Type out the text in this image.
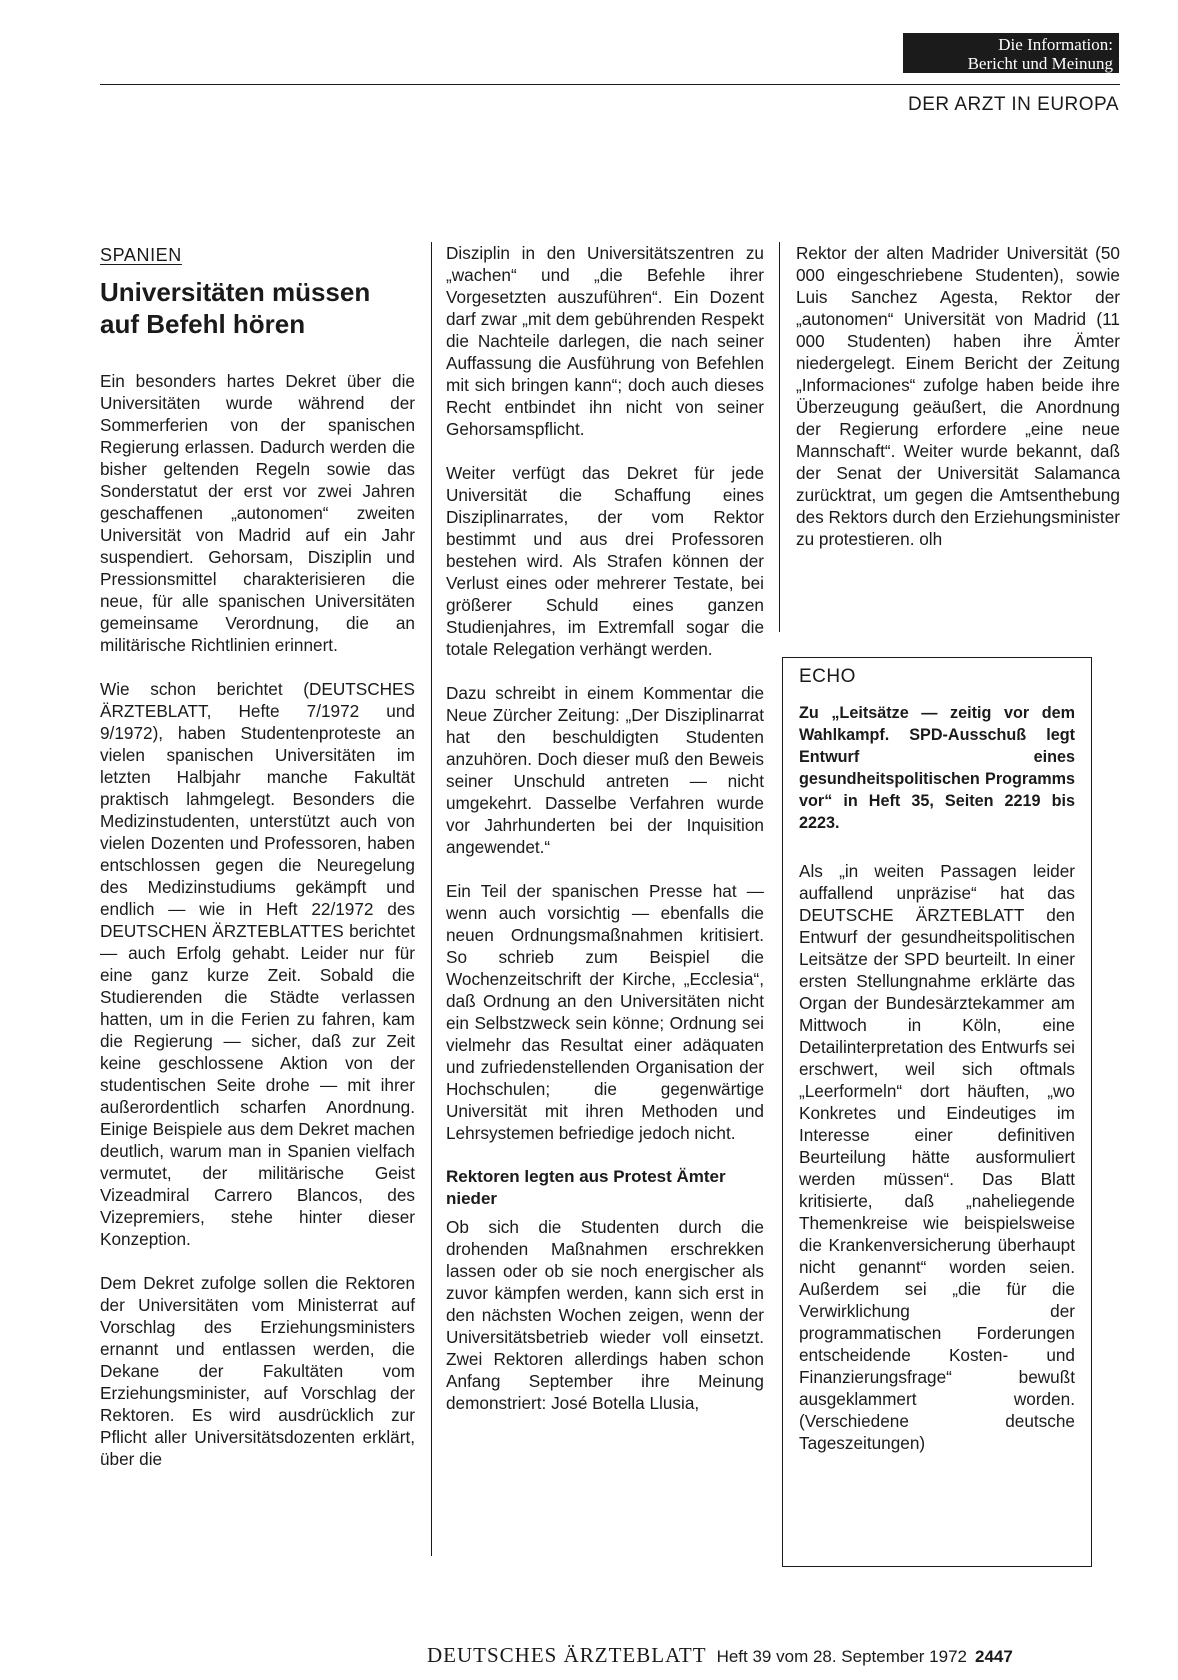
Die Information:
Bericht und Meinung
DER ARZT IN EUROPA
SPANIEN
Universitäten müssen auf Befehl hören

Ein besonders hartes Dekret über die Universitäten wurde während der Sommerferien von der spanischen Regierung erlassen. Dadurch werden die bisher geltenden Regeln sowie das Sonderstatut der erst vor zwei Jahren geschaffenen „autonomen“ zweiten Universität von Madrid auf ein Jahr suspendiert. Gehorsam, Disziplin und Pressionsmittel charakterisieren die neue, für alle spanischen Universitäten gemeinsame Verordnung, die an militärische Richtlinien erinnert.

Wie schon berichtet (DEUTSCHES ÄRZTEBLATT, Hefte 7/1972 und 9/1972), haben Studentenproteste an vielen spanischen Universitäten im letzten Halbjahr manche Fakultät praktisch lahmgelegt. Besonders die Medizinstudenten, unterstützt auch von vielen Dozenten und Professoren, haben entschlossen gegen die Neuregelung des Medizinstudiums gekämpft und endlich — wie in Heft 22/1972 des DEUTSCHEN ÄRZTEBLATTES berichtet — auch Erfolg gehabt. Leider nur für eine ganz kurze Zeit. Sobald die Studierenden die Städte verlassen hatten, um in die Ferien zu fahren, kam die Regierung — sicher, daß zur Zeit keine geschlossene Aktion von der studentischen Seite drohe — mit ihrer außerordentlich scharfen Anordnung. Einige Beispiele aus dem Dekret machen deutlich, warum man in Spanien vielfach vermutet, der militärische Geist Vizeadmiral Carrero Blancos, des Vizepremiers, stehe hinter dieser Konzeption.

Dem Dekret zufolge sollen die Rektoren der Universitäten vom Ministerrat auf Vorschlag des Erziehungsministers ernannt und entlassen werden, die Dekane der Fakultäten vom Erziehungsminister, auf Vorschlag der Rektoren. Es wird ausdrücklich zur Pflicht aller Universitätsdozenten erklärt, über die

Disziplin in den Universitätszentren zu „wachen“ und „die Befehle ihrer Vorgesetzten auszuführen“. Ein Dozent darf zwar „mit dem gebührenden Respekt die Nachteile darlegen, die nach seiner Auffassung die Ausführung von Befehlen mit sich bringen kann“; doch auch dieses Recht entbindet ihn nicht von seiner Gehorsamspflicht.

Weiter verfügt das Dekret für jede Universität die Schaffung eines Disziplinarrates, der vom Rektor bestimmt und aus drei Professoren bestehen wird. Als Strafen können der Verlust eines oder mehrerer Testate, bei größerer Schuld eines ganzen Studienjahres, im Extremfall sogar die totale Relegation verhängt werden.

Dazu schreibt in einem Kommentar die Neue Zürcher Zeitung: „Der Disziplinarrat hat den beschuldigten Studenten anzuhören. Doch dieser muß den Beweis seiner Unschuld antreten — nicht umgekehrt. Dasselbe Verfahren wurde vor Jahrhunderten bei der Inquisition angewendet.“

Ein Teil der spanischen Presse hat — wenn auch vorsichtig — ebenfalls die neuen Ordnungsmaßnahmen kritisiert. So schrieb zum Beispiel die Wochenzeitschrift der Kirche, „Ecclesia“, daß Ordnung an den Universitäten nicht ein Selbstzweck sein könne; Ordnung sei vielmehr das Resultat einer adäquaten und zufriedenstellenden Organisation der Hochschulen; die gegenwärtige Universität mit ihren Methoden und Lehrsystemen befriedige jedoch nicht.

Rektoren legten aus Protest Ämter nieder

Ob sich die Studenten durch die drohenden Maßnahmen erschrekken lassen oder ob sie noch energischer als zuvor kämpfen werden, kann sich erst in den nächsten Wochen zeigen, wenn der Universitätsbetrieb wieder voll einsetzt. Zwei Rektoren allerdings haben schon Anfang September ihre Meinung demonstriert: José Botella Llusia,

Rektor der alten Madrider Universität (50 000 eingeschriebene Studenten), sowie Luis Sanchez Agesta, Rektor der „autonomen“ Universität von Madrid (11 000 Studenten) haben ihre Ämter niedergelegt. Einem Bericht der Zeitung „Informaciones“ zufolge haben beide ihre Überzeugung geäußert, die Anordnung der Regierung erfordere „eine neue Mannschaft“. Weiter wurde bekannt, daß der Senat der Universität Salamanca zurücktrat, um gegen die Amtsenthebung des Rektors durch den Erziehungsminister zu protestieren. olh

ECHO

Zu „Leitsätze — zeitig vor dem Wahlkampf. SPD-Ausschuß legt Entwurf eines gesundheitspolitischen Programms vor“ in Heft 35, Seiten 2219 bis 2223.

Als „in weiten Passagen leider auffallend unpräzise“ hat das DEUTSCHE ÄRZTEBLATT den Entwurf der gesundheitspolitischen Leitsätze der SPD beurteilt. In einer ersten Stellungnahme erklärte das Organ der Bundesärztekammer am Mittwoch in Köln, eine Detailinterpretation des Entwurfs sei erschwert, weil sich oftmals „Leerformeln“ dort häuften, „wo Konkretes und Eindeutiges im Interesse einer definitiven Beurteilung hätte ausformuliert werden müssen“. Das Blatt kritisierte, daß „naheliegende Themenkreise wie beispielsweise die Krankenversicherung überhaupt nicht genannt“ worden seien. Außerdem sei „die für die Verwirklichung der programmatischen Forderungen entscheidende Kosten- und Finanzierungsfrage“ bewußt ausgeklammert worden. (Verschiedene deutsche Tageszeitungen)

DEUTSCHES ÄRZTEBLATT Heft 39 vom 28. September 1972 2447
